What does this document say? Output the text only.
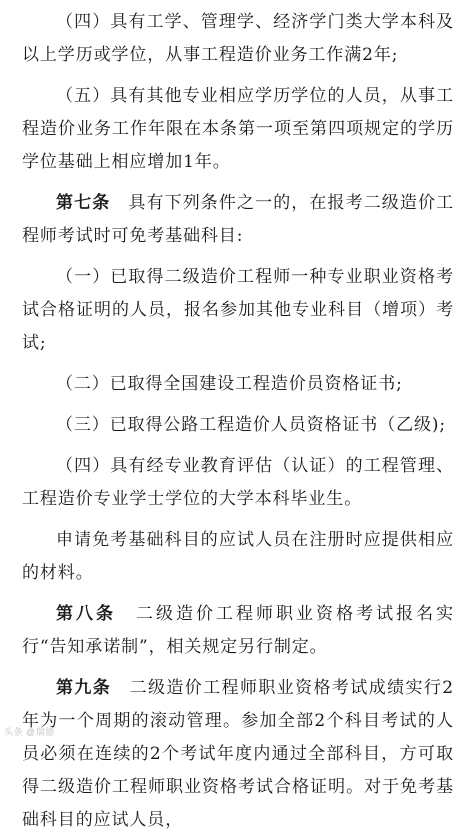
（四）具有工学、管理学、经济学门类大学本科及以上学历或学位，从事工程造价业务工作满2年;

（五）具有其他专业相应学历学位的人员，从事工程造价业务工作年限在本条第一项至第四项规定的学历学位基础上相应增加1年。

第七条　具有下列条件之一的，在报考二级造价工程师考试时可免考基础科目:

（一）已取得二级造价工程师一种专业职业资格考试合格证明的人员，报名参加其他专业科目（增项）考试;

（二）已取得全国建设工程造价员资格证书;

（三）已取得公路工程造价人员资格证书（乙级);

（四）具有经专业教育评估（认证）的工程管理、工程造价专业学士学位的大学本科毕业生。

申请免考基础科目的应试人员在注册时应提供相应的材料。

第八条　二级造价工程师职业资格考试报名实行“告知承诺制”，相关规定另行制定。

第九条　二级造价工程师职业资格考试成绩实行2年为一个周期的滚动管理。参加全部2个科目考试的人员必须在连续的2个考试年度内通过全部科目，方可取得二级造价工程师职业资格考试合格证明。对于免考基础科目的应试人员，

头条 @瑞德
